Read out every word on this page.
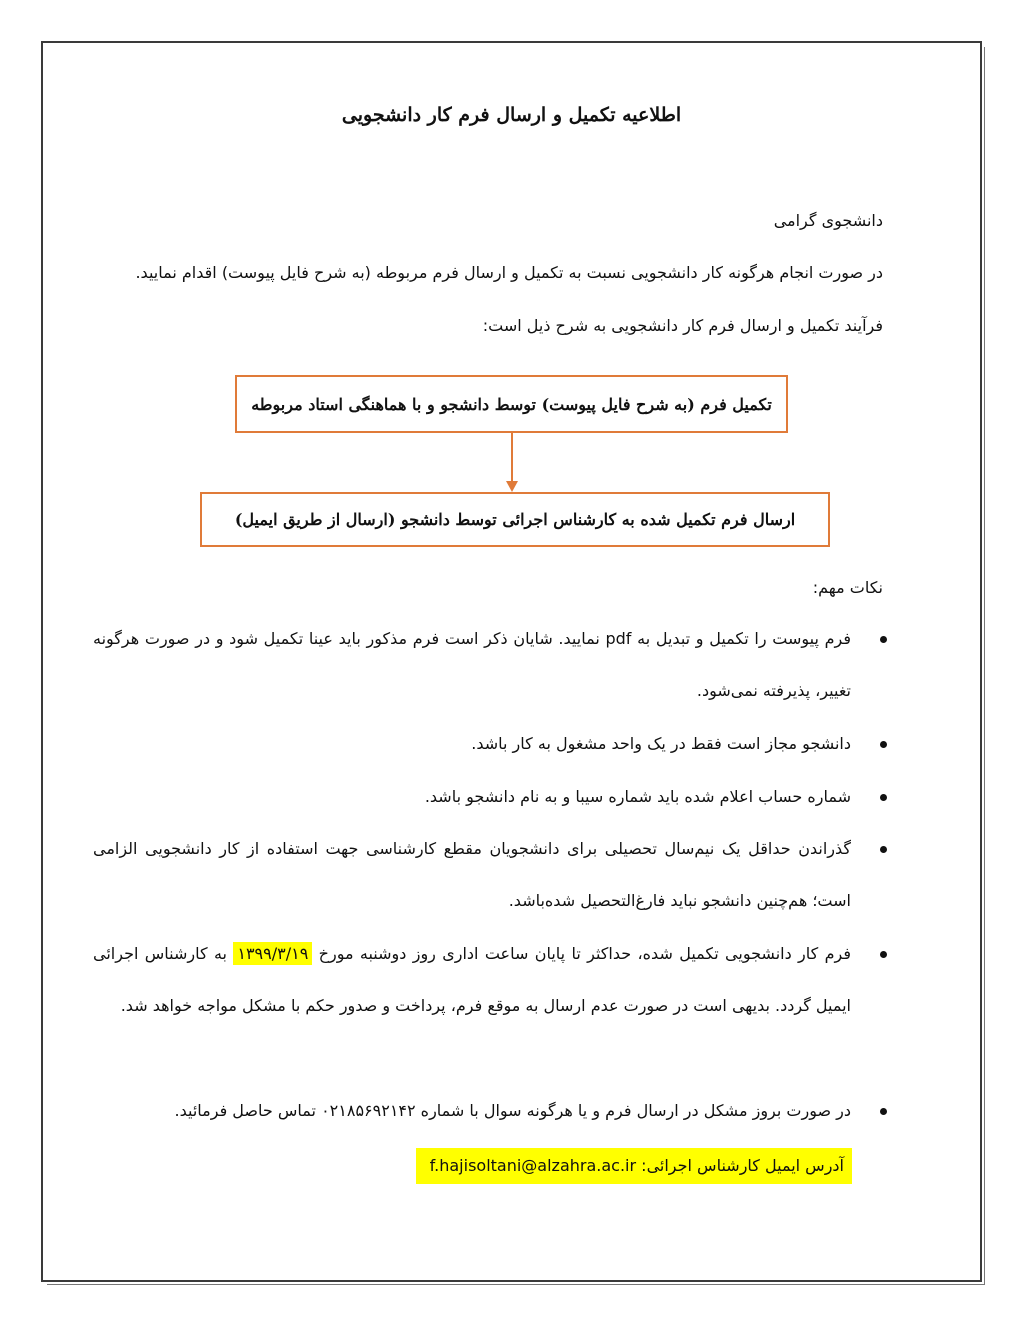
اطلاعیه تکمیل و ارسال فرم کار دانشجویی
دانشجوی گرامی
در صورت انجام هرگونه کار دانشجویی نسبت به تکمیل و ارسال فرم مربوطه (به شرح فایل پیوست) اقدام نمایید.
فرآیند تکمیل و ارسال فرم کار دانشجویی به شرح ذیل است:
تکمیل فرم (به شرح فایل پیوست) توسط دانشجو و با هماهنگی استاد مربوطه
ارسال فرم تکمیل شده به کارشناس اجرائی توسط دانشجو (ارسال از طریق ایمیل)
نکات مهم:
فرم پیوست را تکمیل و تبدیل به pdf نمایید. شایان ذکر است فرم مذکور باید عینا تکمیل شود و در صورت هرگونه تغییر، پذیرفته نمی‌شود.
دانشجو مجاز است فقط در یک واحد مشغول به کار باشد.
شماره حساب اعلام شده باید شماره سیبا و به نام دانشجو باشد.
گذراندن حداقل یک نیم‌سال تحصیلی برای دانشجویان مقطع کارشناسی جهت استفاده از کار دانشجویی الزامی است؛ هم‌چنین دانشجو نباید فارغ‌التحصیل شده‌باشد.
فرم کار دانشجویی تکمیل شده، حداکثر تا پایان ساعت اداری روز دوشنبه مورخ ۱۳۹۹/۳/۱۹ به کارشناس اجرائی ایمیل گردد. بدیهی است در صورت عدم ارسال به موقع فرم، پرداخت و صدور حکم با مشکل مواجه خواهد شد.
در صورت بروز مشکل در ارسال فرم و یا هرگونه سوال با شماره ۰۲۱۸۵۶۹۲۱۴۲ تماس حاصل فرمائید.
آدرس ایمیل کارشناس اجرائی: f.hajisoltani@alzahra.ac.ir
